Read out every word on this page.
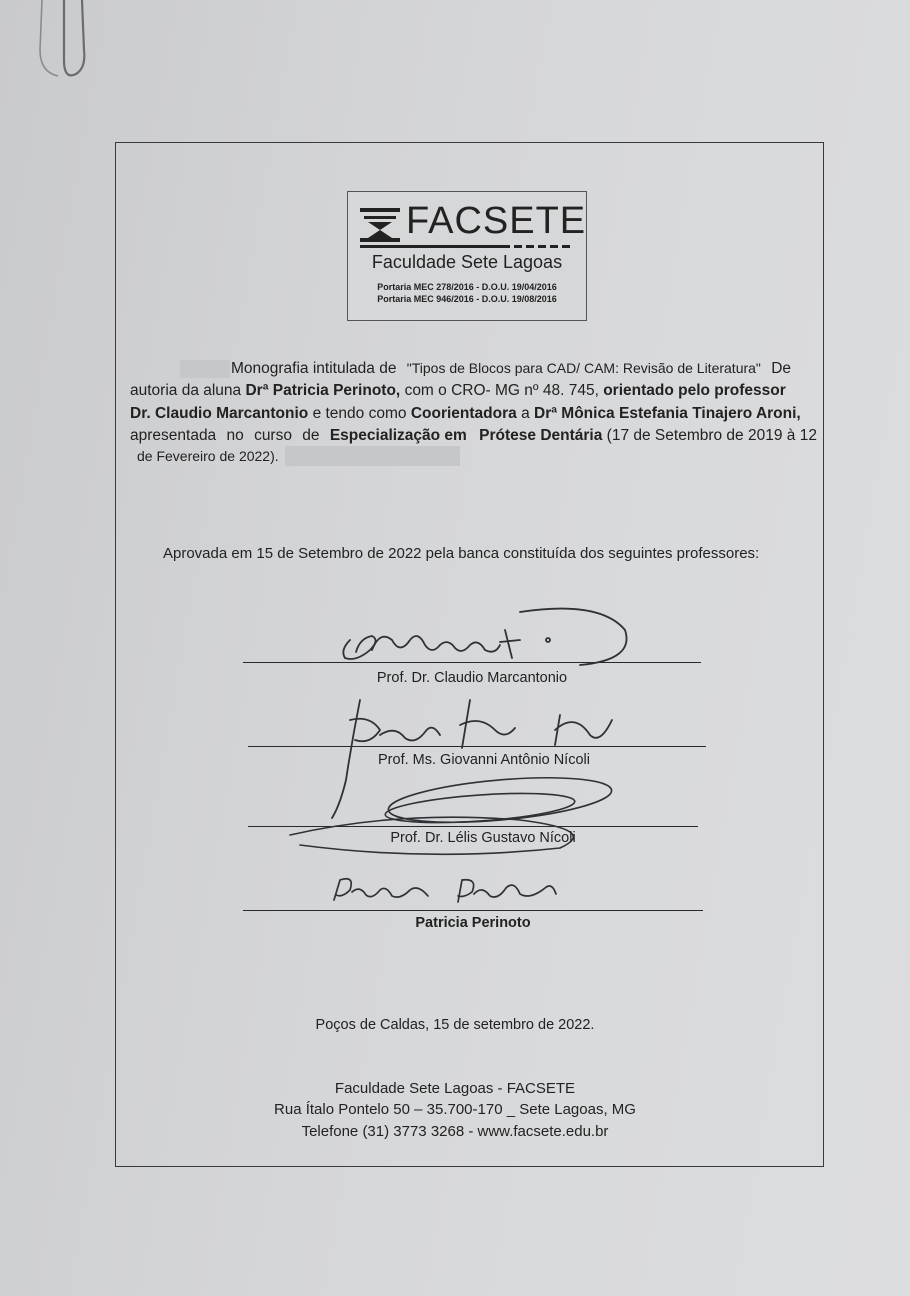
FACSETE
Faculdade Sete Lagoas
Portaria MEC 278/2016 - D.O.U. 19/04/2016
Portaria MEC 946/2016 - D.O.U. 19/08/2016
Monografia intitulada de "Tipos de Blocos para CAD/ CAM: Revisão de Literatura" De
autoria da aluna Drª Patricia Perinoto, com o CRO- MG nº 48. 745, orientado pelo professor
Dr. Claudio Marcantonio e tendo como Coorientadora a Drª Mônica Estefania Tinajero Aroni,
apresentada no curso de Especialização em Prótese Dentária (17 de Setembro de 2019 à 12
de Fevereiro de 2022).
Aprovada em 15 de Setembro de 2022 pela banca constituída dos seguintes professores:
Prof. Dr. Claudio Marcantonio
Prof. Ms. Giovanni Antônio Nícoli
Prof. Dr. Lélis Gustavo Nícoli
Patricia Perinoto
Poços de Caldas, 15 de setembro de 2022.
Faculdade Sete Lagoas - FACSETE
Rua Ítalo Pontelo 50 – 35.700-170 _ Sete Lagoas, MG
Telefone (31) 3773 3268 - www.facsete.edu.br
